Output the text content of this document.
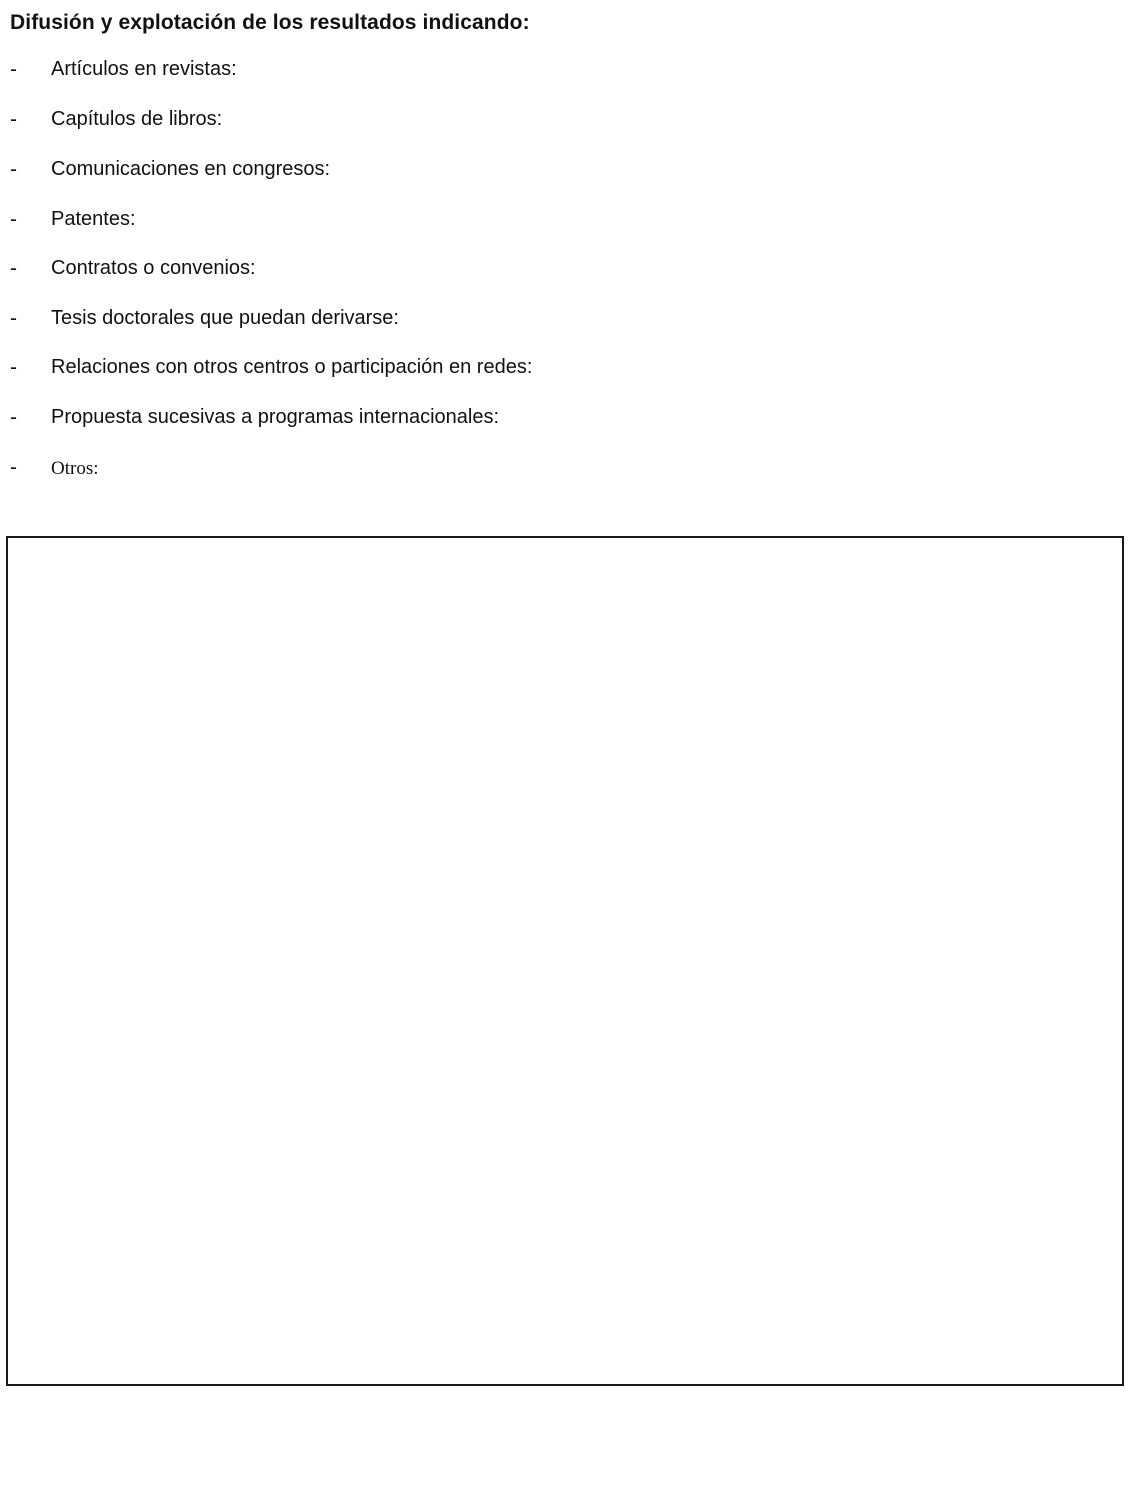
Difusión y explotación de los resultados indicando:
- Artículos en revistas:
- Capítulos de libros:
- Comunicaciones en congresos:
- Patentes:
- Contratos o convenios:
- Tesis doctorales que puedan derivarse:
- Relaciones con otros centros o participación en redes:
- Propuesta sucesivas a programas internacionales:
- Otros:
